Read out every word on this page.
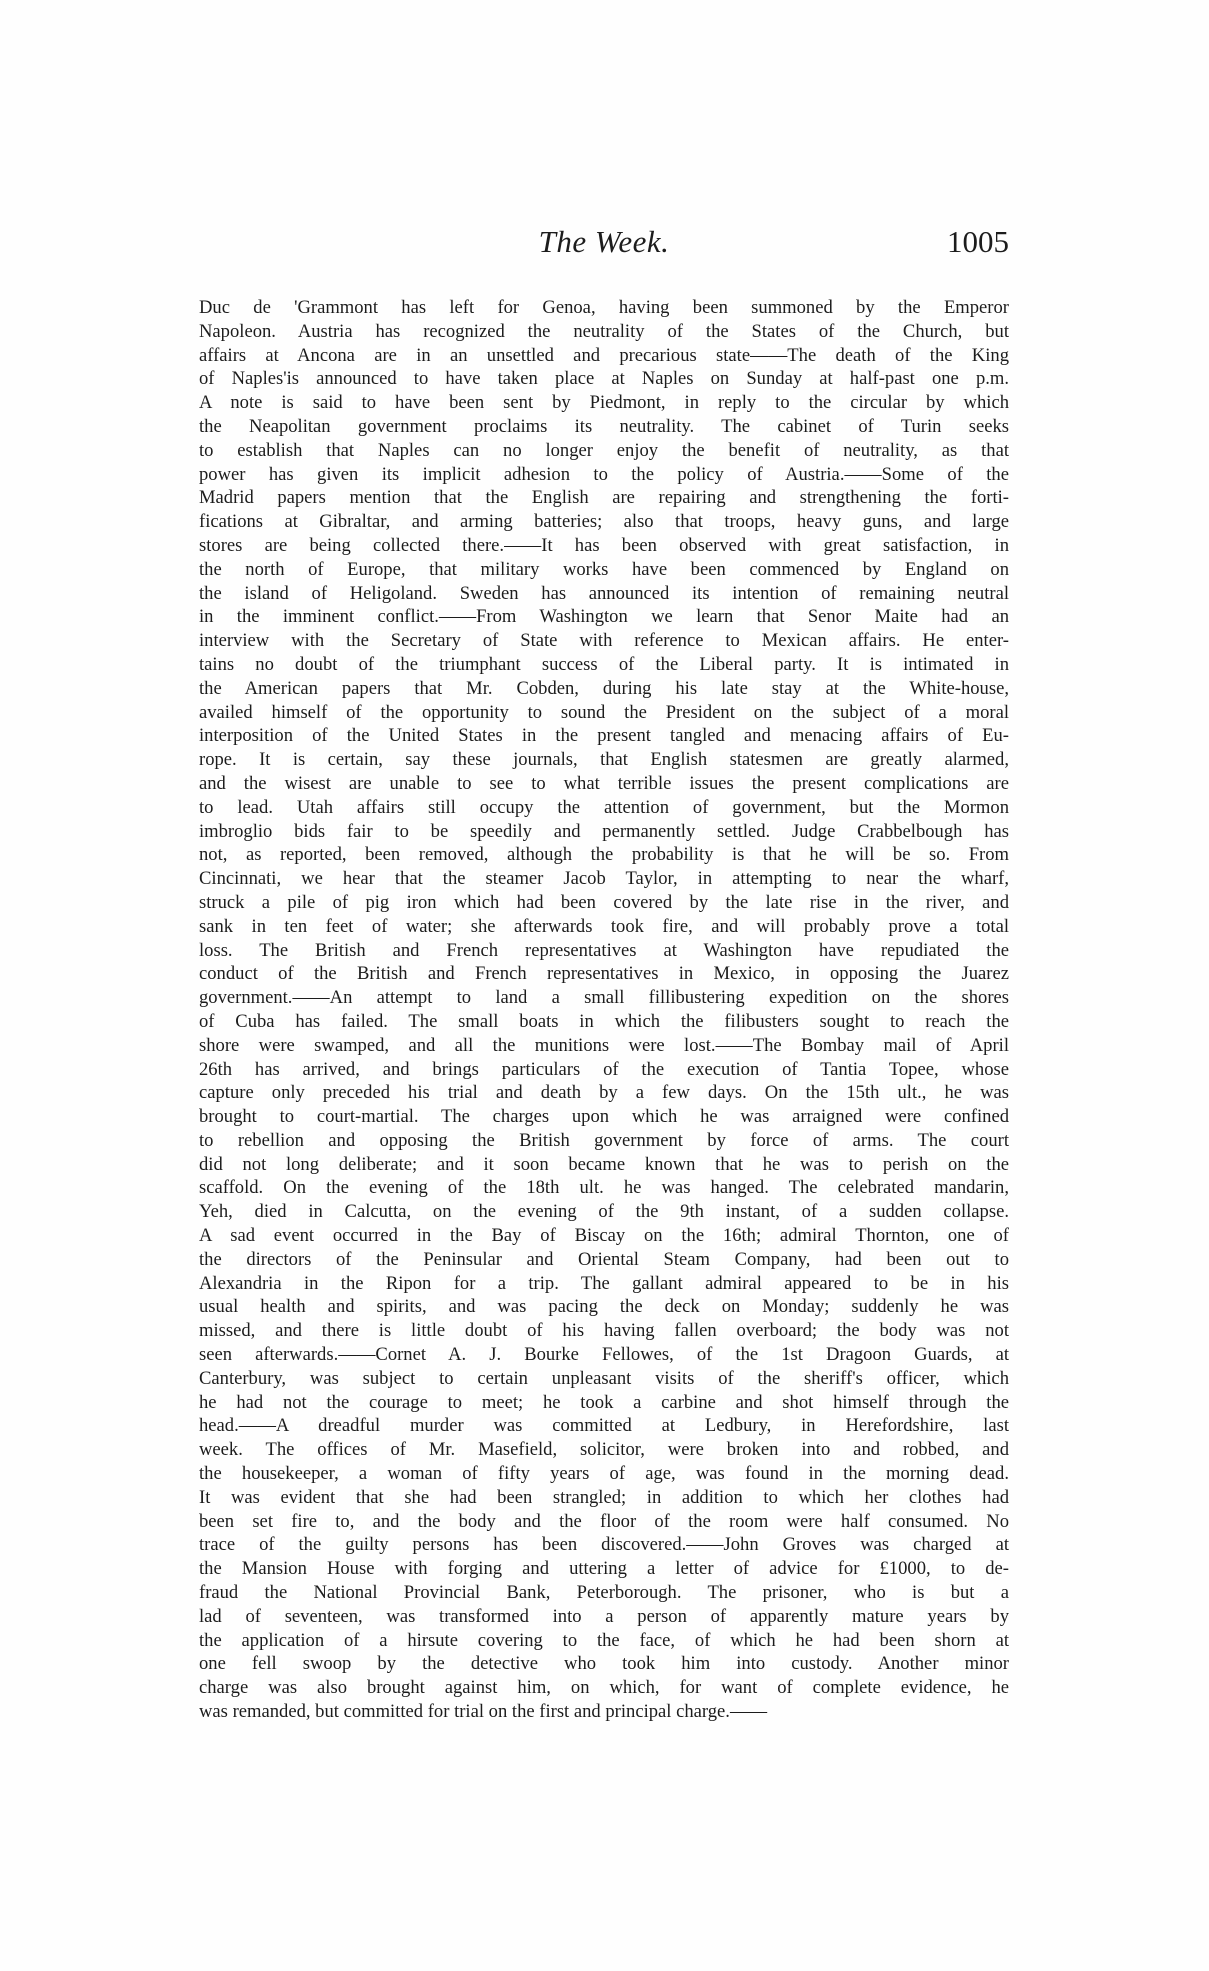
The Week.	1005
Duc de 'Grammont has left for Genoa, having been summoned by the Emperor
Napoleon. Austria has recognized the neutrality of the States of the Church, but
affairs at Ancona are in an unsettled and precarious state——The death of the King
of Naples'is announced to have taken place at Naples on Sunday at half-past one p.m.
A note is said to have been sent by Piedmont, in reply to the circular by which
the Neapolitan government proclaims its neutrality. The cabinet of Turin seeks
to establish that Naples can no longer enjoy the benefit of neutrality, as that
power has given its implicit adhesion to the policy of Austria.——Some of the
Madrid papers mention that the English are repairing and strengthening the forti-
fications at Gibraltar, and arming batteries; also that troops, heavy guns, and large
stores are being collected there.——It has been observed with great satisfaction, in
the north of Europe, that military works have been commenced by England on
the island of Heligoland. Sweden has announced its intention of remaining neutral
in the imminent conflict.——From Washington we learn that Senor Maite had an
interview with the Secretary of State with reference to Mexican affairs. He enter-
tains no doubt of the triumphant success of the Liberal party. It is intimated in
the American papers that Mr. Cobden, during his late stay at the White-house,
availed himself of the opportunity to sound the President on the subject of a moral
interposition of the United States in the present tangled and menacing affairs of Eu-
rope. It is certain, say these journals, that English statesmen are greatly alarmed,
and the wisest are unable to see to what terrible issues the present complications are
to lead. Utah affairs still occupy the attention of government, but the Mormon
imbroglio bids fair to be speedily and permanently settled. Judge Crabbelbough has
not, as reported, been removed, although the probability is that he will be so. From
Cincinnati, we hear that the steamer Jacob Taylor, in attempting to near the wharf,
struck a pile of pig iron which had been covered by the late rise in the river, and
sank in ten feet of water; she afterwards took fire, and will probably prove a total
loss. The British and French representatives at Washington have repudiated the
conduct of the British and French representatives in Mexico, in opposing the Juarez
government.——An attempt to land a small fillibustering expedition on the shores
of Cuba has failed. The small boats in which the filibusters sought to reach the
shore were swamped, and all the munitions were lost.——The Bombay mail of April
26th has arrived, and brings particulars of the execution of Tantia Topee, whose
capture only preceded his trial and death by a few days. On the 15th ult., he was
brought to court-martial. The charges upon which he was arraigned were confined
to rebellion and opposing the British government by force of arms. The court
did not long deliberate; and it soon became known that he was to perish on the
scaffold. On the evening of the 18th ult. he was hanged. The celebrated mandarin,
Yeh, died in Calcutta, on the evening of the 9th instant, of a sudden collapse.
A sad event occurred in the Bay of Biscay on the 16th; admiral Thornton, one of
the directors of the Peninsular and Oriental Steam Company, had been out to
Alexandria in the Ripon for a trip. The gallant admiral appeared to be in his
usual health and spirits, and was pacing the deck on Monday; suddenly he was
missed, and there is little doubt of his having fallen overboard; the body was not
seen afterwards.——Cornet A. J. Bourke Fellowes, of the 1st Dragoon Guards, at
Canterbury, was subject to certain unpleasant visits of the sheriff's officer, which
he had not the courage to meet; he took a carbine and shot himself through the
head.——A dreadful murder was committed at Ledbury, in Herefordshire, last
week. The offices of Mr. Masefield, solicitor, were broken into and robbed, and
the housekeeper, a woman of fifty years of age, was found in the morning dead.
It was evident that she had been strangled; in addition to which her clothes had
been set fire to, and the body and the floor of the room were half consumed. No
trace of the guilty persons has been discovered.——John Groves was charged at
the Mansion House with forging and uttering a letter of advice for £1000, to de-
fraud the National Provincial Bank, Peterborough. The prisoner, who is but a
lad of seventeen, was transformed into a person of apparently mature years by
the application of a hirsute covering to the face, of which he had been shorn at
one fell swoop by the detective who took him into custody. Another minor
charge was also brought against him, on which, for want of complete evidence, he
was remanded, but committed for trial on the first and principal charge.——
